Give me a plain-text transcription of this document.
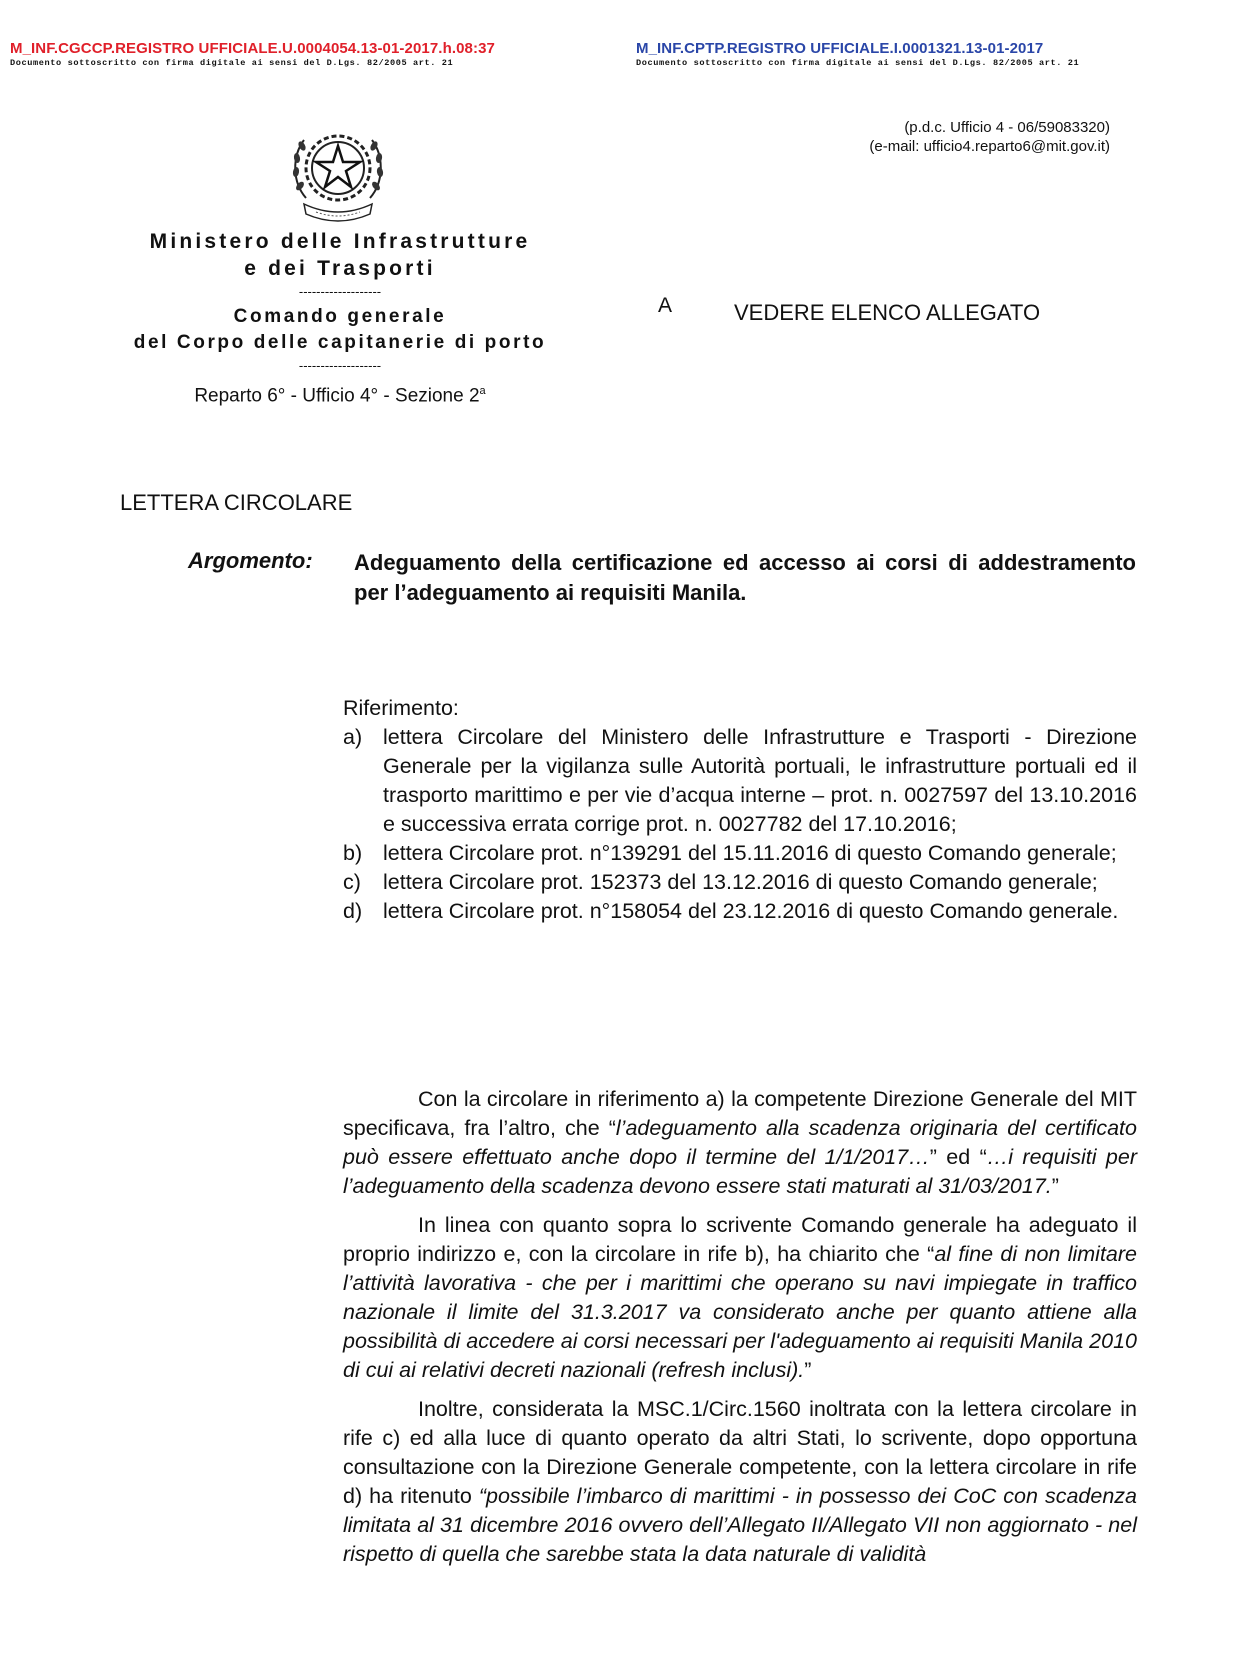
M_INF.CGCCP.REGISTRO UFFICIALE.U.0004054.13-01-2017.h.08:37
Documento sottoscritto con firma digitale ai sensi del D.Lgs. 82/2005 art. 21
M_INF.CPTP.REGISTRO UFFICIALE.I.0001321.13-01-2017
Documento sottoscritto con firma digitale ai sensi del D.Lgs. 82/2005 art. 21
(p.d.c. Ufficio 4 - 06/59083320)
(e-mail: ufficio4.reparto6@mit.gov.it)
Ministero delle Infrastrutture
e dei Trasporti
-------------------
Comando generale
del Corpo delle capitanerie di porto
-------------------
Reparto 6° - Ufficio 4° - Sezione 2$^a$
A	VEDERE ELENCO ALLEGATO
LETTERA CIRCOLARE
Argomento: Adeguamento della certificazione ed accesso ai corsi di addestramento per l’adeguamento ai requisiti Manila.
Riferimento:
a) lettera Circolare del Ministero delle Infrastrutture e Trasporti - Direzione Generale per la vigilanza sulle Autorità portuali, le infrastrutture portuali ed il trasporto marittimo e per vie d’acqua interne – prot. n. 0027597 del 13.10.2016 e successiva errata corrige prot. n. 0027782 del 17.10.2016;
b) lettera Circolare prot. n°139291 del 15.11.2016 di questo Comando generale;
c)	lettera Circolare prot. 152373 del 13.12.2016 di questo Comando generale;
d) lettera Circolare prot. n°158054 del 23.12.2016 di questo Comando generale.

Con la circolare in riferimento a) la competente Direzione Generale del MIT specificava, fra l’altro, che “l’adeguamento alla scadenza originaria del certificato può essere effettuato anche dopo il termine del 1/1/2017…” ed “…i requisiti per l’adeguamento della scadenza devono essere stati maturati al 31/03/2017.”

In linea con quanto sopra lo scrivente Comando generale ha adeguato il proprio indirizzo e, con la circolare in rife b), ha chiarito che “al fine di non limitare l’attività lavorativa - che per i marittimi che operano su navi impiegate in traffico nazionale il limite del 31.3.2017 va considerato anche per quanto attiene alla possibilità di accedere ai corsi necessari per l'adeguamento ai requisiti Manila 2010 di cui ai relativi decreti nazionali (refresh inclusi).”

Inoltre, considerata la MSC.1/Circ.1560 inoltrata con la lettera circolare in rife c) ed alla luce di quanto operato da altri Stati, lo scrivente, dopo opportuna consultazione con la Direzione Generale competente, con la lettera circolare in rife d) ha ritenuto “possibile l’imbarco di marittimi - in possesso dei CoC con scadenza limitata al 31 dicembre 2016 ovvero dell’Allegato II/Allegato VII non aggiornato - nel rispetto di quella che sarebbe stata la data naturale di validità
